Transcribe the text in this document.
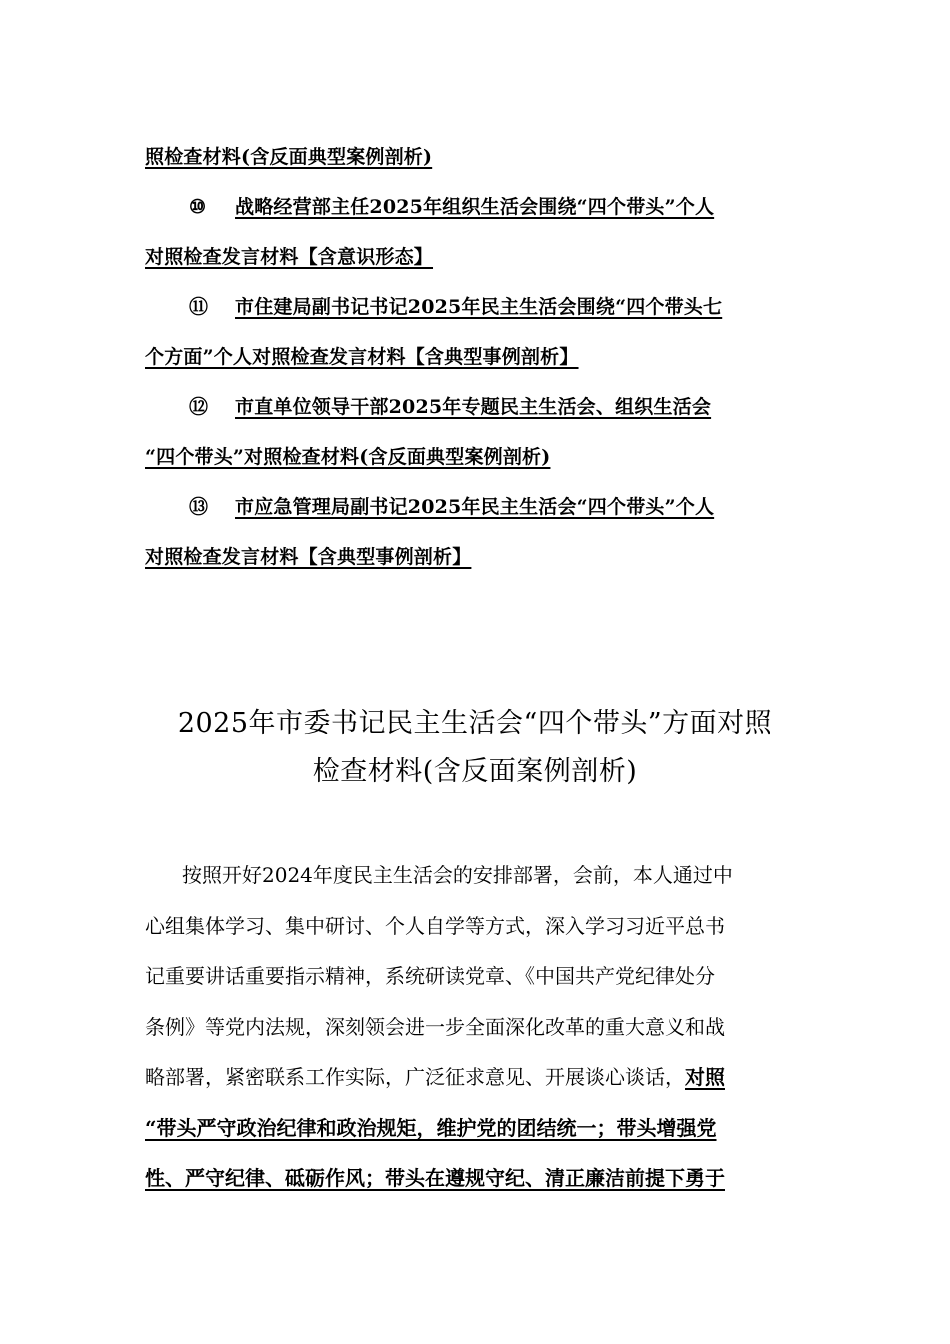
照检查材料(含反面典型案例剖析)
⑩ 战略经营部主任2025年组织生活会围绕“四个带头”个人
对照检查发言材料【含意识形态】
⑪ 市住建局副书记书记2025年民主生活会围绕“四个带头七
个方面”个人对照检查发言材料【含典型事例剖析】
⑫ 市直单位领导干部2025年专题民主生活会、组织生活会
“四个带头”对照检查材料(含反面典型案例剖析)
⑬ 市应急管理局副书记2025年民主生活会“四个带头”个人
对照检查发言材料【含典型事例剖析】
2025年市委书记民主生活会“四个带头”方面对照
检查材料(含反面案例剖析)
按照开好2024年度民主生活会的安排部署，会前，本人通过中
心组集体学习、集中研讨、个人自学等方式，深入学习习近平总书
记重要讲话重要指示精神，系统研读党章、《中国共产党纪律处分
条例》等党内法规，深刻领会进一步全面深化改革的重大意义和战
略部署，紧密联系工作实际，广泛征求意见、开展谈心谈话，对照
“带头严守政治纪律和政治规矩，维护党的团结统一；带头增强党
性、严守纪律、砥砺作风；带头在遵规守纪、清正廉洁前提下勇于
